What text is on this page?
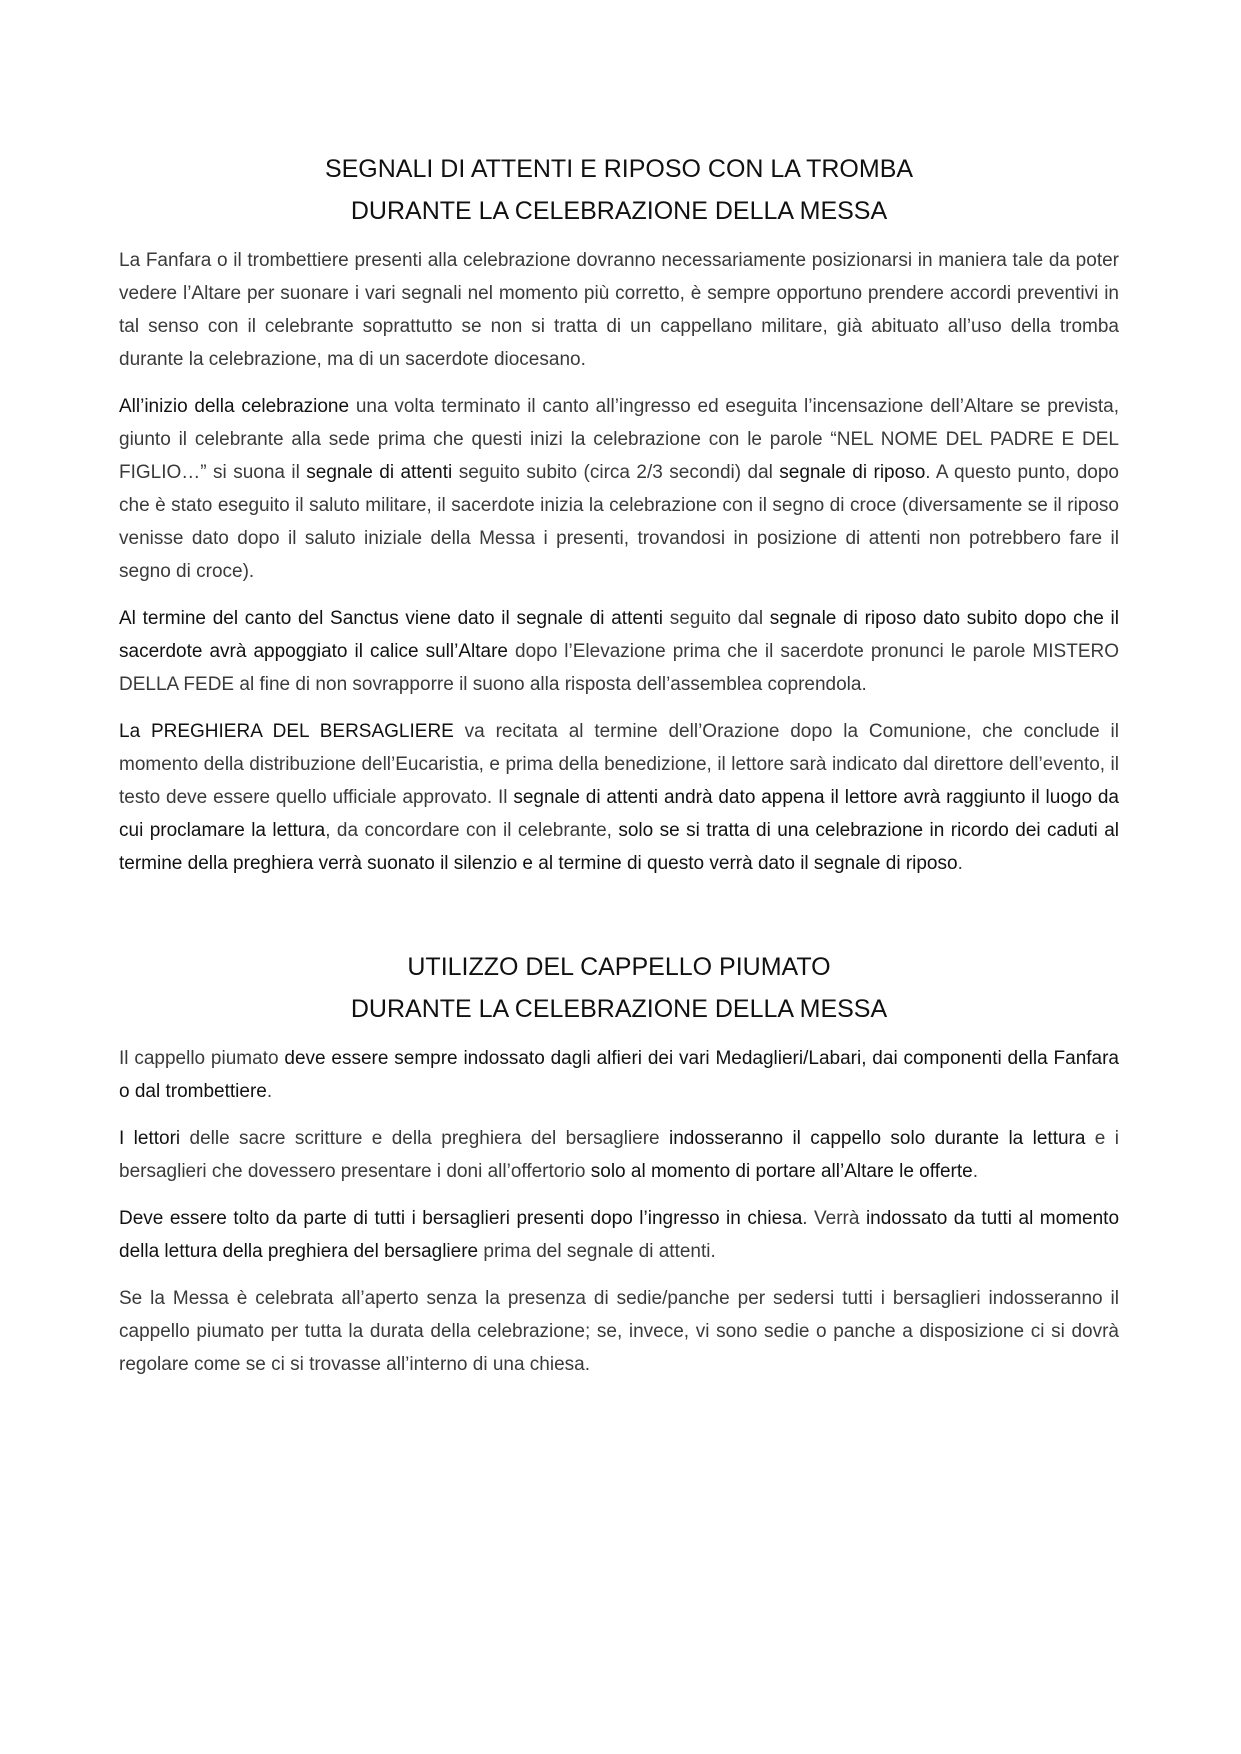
SEGNALI DI ATTENTI E RIPOSO CON LA TROMBA
DURANTE LA CELEBRAZIONE DELLA MESSA

La Fanfara o il trombettiere presenti alla celebrazione dovranno necessariamente posizionarsi in maniera tale da poter vedere l’Altare per suonare i vari segnali nel momento più corretto, è sempre opportuno prendere accordi preventivi in tal senso con il celebrante soprattutto se non si tratta di un cappellano militare, già abituato all’uso della tromba durante la celebrazione, ma di un sacerdote diocesano.

All’inizio della celebrazione una volta terminato il canto all’ingresso ed eseguita l’incensazione dell’Altare se prevista, giunto il celebrante alla sede prima che questi inizi la celebrazione con le parole “NEL NOME DEL PADRE E DEL FIGLIO…” si suona il segnale di attenti seguito subito (circa 2/3 secondi) dal segnale di riposo. A questo punto, dopo che è stato eseguito il saluto militare, il sacerdote inizia la celebrazione con il segno di croce (diversamente se il riposo venisse dato dopo il saluto iniziale della Messa i presenti, trovandosi in posizione di attenti non potrebbero fare il segno di croce).

Al termine del canto del Sanctus viene dato il segnale di attenti seguito dal segnale di riposo dato subito dopo che il sacerdote avrà appoggiato il calice sull’Altare dopo l’Elevazione prima che il sacerdote pronunci le parole MISTERO DELLA FEDE al fine di non sovrapporre il suono alla risposta dell’assemblea coprendola.

La PREGHIERA DEL BERSAGLIERE va recitata al termine dell’Orazione dopo la Comunione, che conclude il momento della distribuzione dell’Eucaristia, e prima della benedizione, il lettore sarà indicato dal direttore dell’evento, il testo deve essere quello ufficiale approvato. Il segnale di attenti andrà dato appena il lettore avrà raggiunto il luogo da cui proclamare la lettura, da concordare con il celebrante, solo se si tratta di una celebrazione in ricordo dei caduti al termine della preghiera verrà suonato il silenzio e al termine di questo verrà dato il segnale di riposo.

UTILIZZO DEL CAPPELLO PIUMATO
DURANTE LA CELEBRAZIONE DELLA MESSA

Il cappello piumato deve essere sempre indossato dagli alfieri dei vari Medaglieri/Labari, dai componenti della Fanfara o dal trombettiere.

I lettori delle sacre scritture e della preghiera del bersagliere indosseranno il cappello solo durante la lettura e i bersaglieri che dovessero presentare i doni all’offertorio solo al momento di portare all’Altare le offerte.

Deve essere tolto da parte di tutti i bersaglieri presenti dopo l’ingresso in chiesa. Verrà indossato da tutti al momento della lettura della preghiera del bersagliere prima del segnale di attenti.

Se la Messa è celebrata all’aperto senza la presenza di sedie/panche per sedersi tutti i bersaglieri indosseranno il cappello piumato per tutta la durata della celebrazione; se, invece, vi sono sedie o panche a disposizione ci si dovrà regolare come se ci si trovasse all’interno di una chiesa.
